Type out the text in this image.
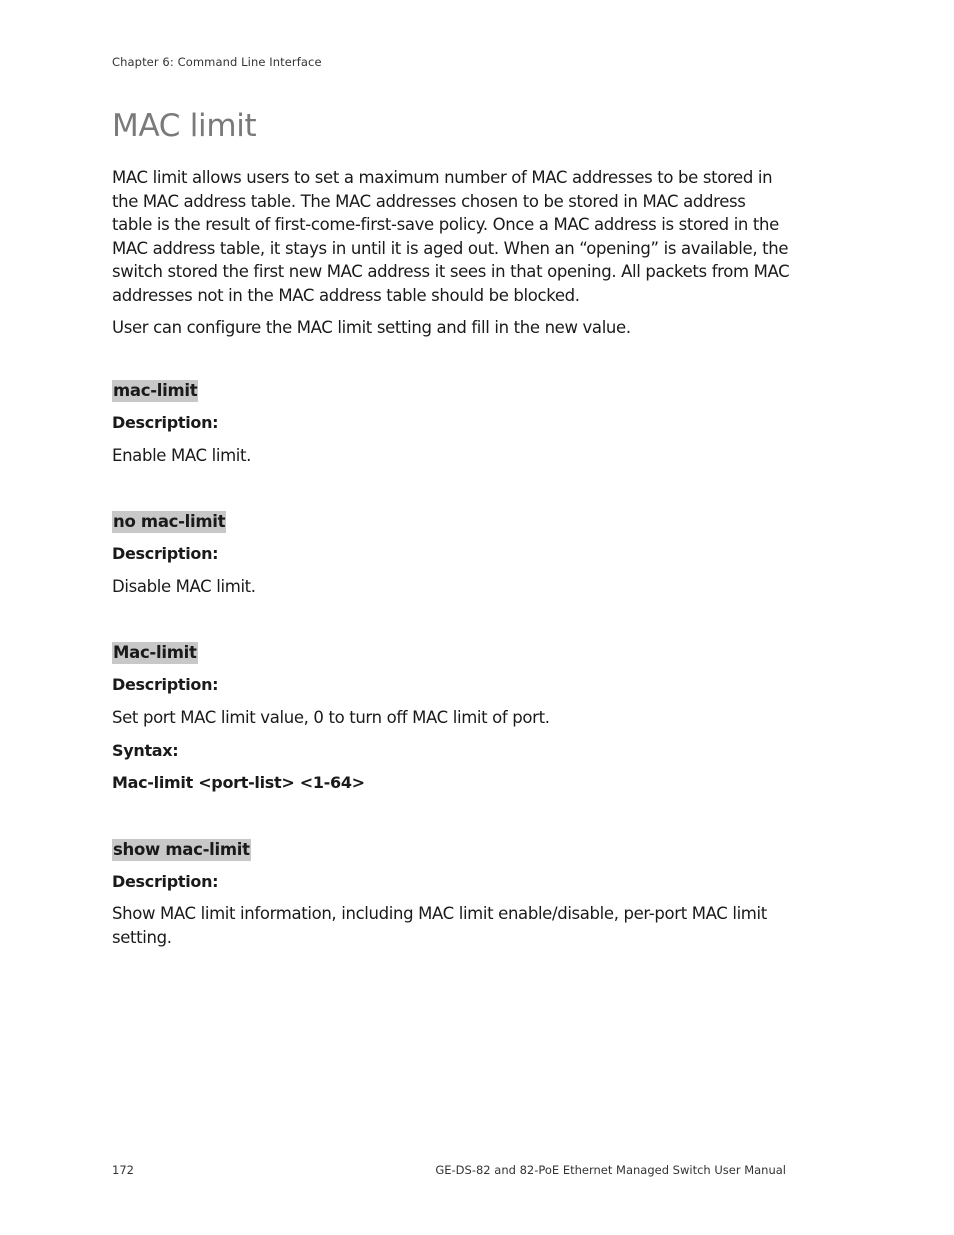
Chapter 6: Command Line Interface
MAC limit

MAC limit allows users to set a maximum number of MAC addresses to be stored in the MAC address table. The MAC addresses chosen to be stored in MAC address table is the result of first-come-first-save policy. Once a MAC address is stored in the MAC address table, it stays in until it is aged out. When an “opening” is available, the switch stored the first new MAC address it sees in that opening. All packets from MAC addresses not in the MAC address table should be blocked.

User can configure the MAC limit setting and fill in the new value.

mac-limit

Description:

Enable MAC limit.

no mac-limit

Description:

Disable MAC limit.

Mac-limit

Description:

Set port MAC limit value, 0 to turn off MAC limit of port.

Syntax:

Mac-limit <port-list> <1-64>

show mac-limit

Description:

Show MAC limit information, including MAC limit enable/disable, per-port MAC limit setting.

172	GE-DS-82 and 82-PoE Ethernet Managed Switch User Manual
